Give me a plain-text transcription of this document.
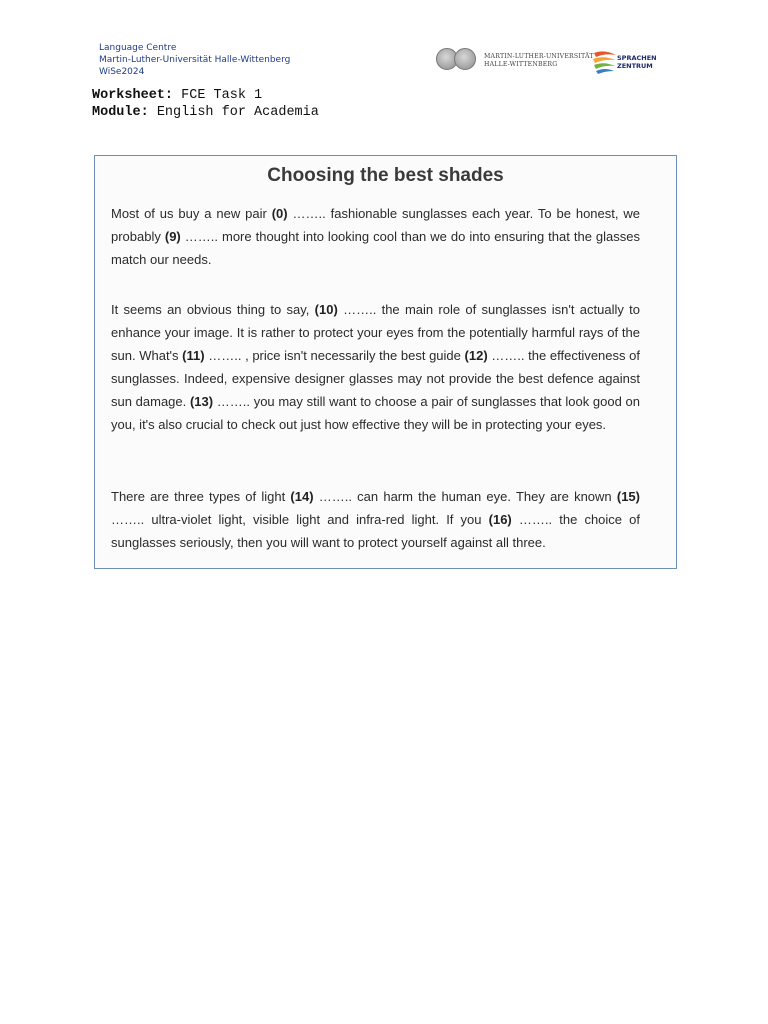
Language Centre
Martin-Luther-Universität Halle-Wittenberg
WiSe2024
MARTIN-LUTHER-UNIVERSITÄT
HALLE-WITTENBERG
SPRACHEN
ZENTRUM
Worksheet: FCE Task 1
Module: English for Academia
Choosing the best shades
Most of us buy a new pair (0) …….. fashionable sunglasses each year. To be honest, we probably (9) …….. more thought into looking cool than we do into ensuring that the glasses match our needs.
It seems an obvious thing to say, (10) …….. the main role of sunglasses isn't actually to enhance your image. It is rather to protect your eyes from the potentially harmful rays of the sun. What's (11) …….. , price isn't necessarily the best guide (12) …….. the effectiveness of sunglasses. Indeed, expensive designer glasses may not provide the best defence against sun damage. (13) …….. you may still want to choose a pair of sunglasses that look good on you, it's also crucial to check out just how effective they will be in protecting your eyes.
There are three types of light (14) …….. can harm the human eye. They are known (15) …….. ultra-violet light, visible light and infra-red light. If you (16) …….. the choice of sunglasses seriously, then you will want to protect yourself against all three.
